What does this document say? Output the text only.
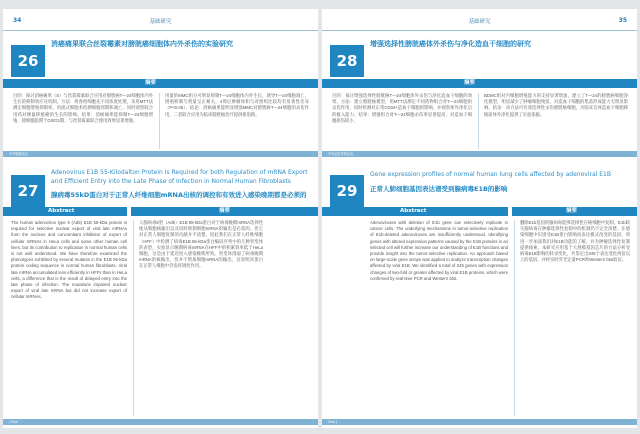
34	基础研究
26
消癌痛果联合丝裂霉素对膀胱癌细胞体内外杀伤的实验研究
摘要
目的：探讨消癌痛果（S）与丝裂霉素联合应用对膀胱癌T—24细胞体内外生长的抑制效应及机制。方法：将各组细胞先不同浓度处理，采用MTT法测定细胞增殖抑制率，用流式细胞术检测细胞周期和凋亡，同时观察联合用药对裸鼠移植瘤的生长的影响。结果：消癌痛果能抑制T—24细胞增殖，使细胞阻滞于G0/G1期，与丝裂霉素联合使用效果显著增强。
用量的MMC组分可明显抑制T—24细胞体内外生长，诱导T—24细胞凋亡，增殖抑制与剂量呈正相关，4周后肿瘤体积与对照组比较均有显著性差异（P<0.05）。结论：消癌痛果能明显增强MMC对膀胱癌T—24细胞的杀伤作用，二者联合应用为临床膀胱癌治疗提供新思路。
中华肿瘤杂志
27
Adenovirus E1B 55-Kilodalton Protein Is Required for both Regulation of mRNA Export
and Efficient Entry into the Late Phase of Infection in Normal Human Fibroblasts
腺病毒55kD蛋白对于正常人纤维细胞mRNA出核的调控和有效进入感染晚期都是必须的
Abstract	摘要
The human adenovirus type 5 (Ad5) E1B 55-kDa protein is required for selective nuclear export of viral late mRNAs from the nucleus and concomitant inhibition of export of cellular mRNAs in HeLa cells and some other human cell lines, but its contribution to replication in normal human cells is not well understood. We have therefore examined the phenotypes exhibited by several mutants in the E1B 55-kDa protein coding sequence in normal human fibroblasts. Viral late mRNA accumulated less efficiently in HFFs than in HeLa cells, a difference that is the result of delayed entry into the late phase of infection. The mutations impaired nuclear export of viral late mRNA but did not increase export of cellular mRNAs.
人腺病毒5型（Ad5）E1B 55-kDa蛋白对于病毒晚期mRNA选择性地从细胞核输出以及同时抑制细胞mRNA的输出是必需的。但它对正常人细胞复制的贡献并不清楚。因此我们在正常人纤维细胞（HFF）中检测了病毒E1B 55-kDa蛋白编码序列中的几种突变体的表型，实验显示晚期病毒mRNA在HFF中的积累效率低于HeLa细胞，这是由于延迟进入感染晚期所致。突变体削弱了病毒晚期mRNA的核输出，但并不增加细胞mRNA的输出，这说明该蛋白在正常人细胞中仍发挥调控作用。
J Virol
基础研究	35
28
增强选择性膀胱癌体外杀伤与净化造血干细胞的研究
摘要
目的：探讨增强选择性膀胱癌T—24细胞体外杀伤与净化造血干细胞的效果。方法：建立膀胱癌模型，用MTT法测定不同药物组合对T—24细胞的杀伤作用，同时检测对正常CD34+造血干细胞的影响，并观察体外净化后的植入能力。结果：增强组合对T—24细胞杀伤率显著提高，对造血干细胞损伤较小。
BDMC组对内细胞增殖能力的支持显著增加，建立了T—24的膀胱癌细胞净化模型，明显减少了肿瘤细胞残留，对造血干细胞的集落形成能力无明显影响。结论：该方法可有效选择性杀伤膀胱癌细胞，为临床自体造血干细胞移植前体外净化提供了实验依据。
中华泌尿外科杂志
29
Gene expression profiles of normal human lung cells affected by adenoviral E1B
正常人肺细胞基因表达谱受到腺病毒E1B的影响
Abstract	摘要
Adenoviruses with deletion of E1b gene can selectively replicate in cancer cells. The underlying mechanisms in tumor-selective replication of E1b-deleted adenoviruses are insufficiently understood. Identifying genes with altered expression patterns caused by the E1B proteins in an infected cell will further increase our understanding of E1B functions and provide insight into the tumor-selective replication. An approach based on large-scale gene arrays was applied to analyze transcription changes affected by viral E1B. We identified a total of 345 genes with expression changes of two-fold or greater affected by viral E1B proteins, which were confirmed by real-time PCR and Western blot.
删除E1b基因的腺病毒能够选择性在癌细胞中复制。E1b缺失腺病毒在肿瘤选择性复制中的机制仍不完全清楚。在感染细胞中识别受E1B蛋白影响而表达模式改变的基因，将进一步加深我们对E1B功能的了解，并为肿瘤选择性复制提供线索。本研究应用基于大规模基因芯片的方法分析受病毒E1B影响的转录变化，共鉴定出345个表达变化两倍以上的基因，并经实时荧光定量PCR和Western blot验证。
Virol J
